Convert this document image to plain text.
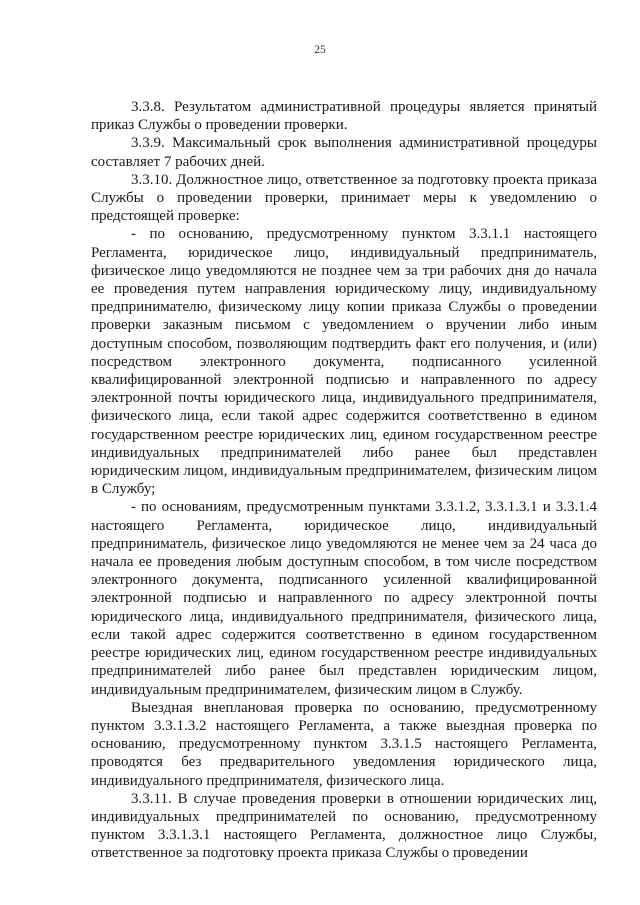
25

3.3.8. Результатом административной процедуры является принятый приказ Службы о проведении проверки.

3.3.9. Максимальный срок выполнения административной процедуры составляет 7 рабочих дней.

3.3.10. Должностное лицо, ответственное за подготовку проекта приказа Службы о проведении проверки, принимает меры к уведомлению о предстоящей проверке:

- по основанию, предусмотренному пунктом 3.3.1.1 настоящего Регламента, юридическое лицо, индивидуальный предприниматель, физическое лицо уведомляются не позднее чем за три рабочих дня до начала ее проведения путем направления юридическому лицу, индивидуальному предпринимателю, физическому лицу копии приказа Службы о проведении проверки заказным письмом с уведомлением о вручении либо иным доступным способом, позволяющим подтвердить факт его получения, и (или) посредством электронного документа, подписанного усиленной квалифицированной электронной подписью и направленного по адресу электронной почты юридического лица, индивидуального предпринимателя, физического лица, если такой адрес содержится соответственно в едином государственном реестре юридических лиц, едином государственном реестре индивидуальных предпринимателей либо ранее был представлен юридическим лицом, индивидуальным предпринимателем, физическим лицом в Службу;

- по основаниям, предусмотренным пунктами 3.3.1.2, 3.3.1.3.1 и 3.3.1.4 настоящего Регламента, юридическое лицо, индивидуальный предприниматель, физическое лицо уведомляются не менее чем за 24 часа до начала ее проведения любым доступным способом, в том числе посредством электронного документа, подписанного усиленной квалифицированной электронной подписью и направленного по адресу электронной почты юридического лица, индивидуального предпринимателя, физического лица, если такой адрес содержится соответственно в едином государственном реестре юридических лиц, едином государственном реестре индивидуальных предпринимателей либо ранее был представлен юридическим лицом, индивидуальным предпринимателем, физическим лицом в Службу.

Выездная внеплановая проверка по основанию, предусмотренному пунктом 3.3.1.3.2 настоящего Регламента, а также выездная проверка по основанию, предусмотренному пунктом 3.3.1.5 настоящего Регламента, проводятся без предварительного уведомления юридического лица, индивидуального предпринимателя, физического лица.

3.3.11. В случае проведения проверки в отношении юридических лиц, индивидуальных предпринимателей по основанию, предусмотренному пунктом 3.3.1.3.1 настоящего Регламента, должностное лицо Службы, ответственное за подготовку проекта приказа Службы о проведении
